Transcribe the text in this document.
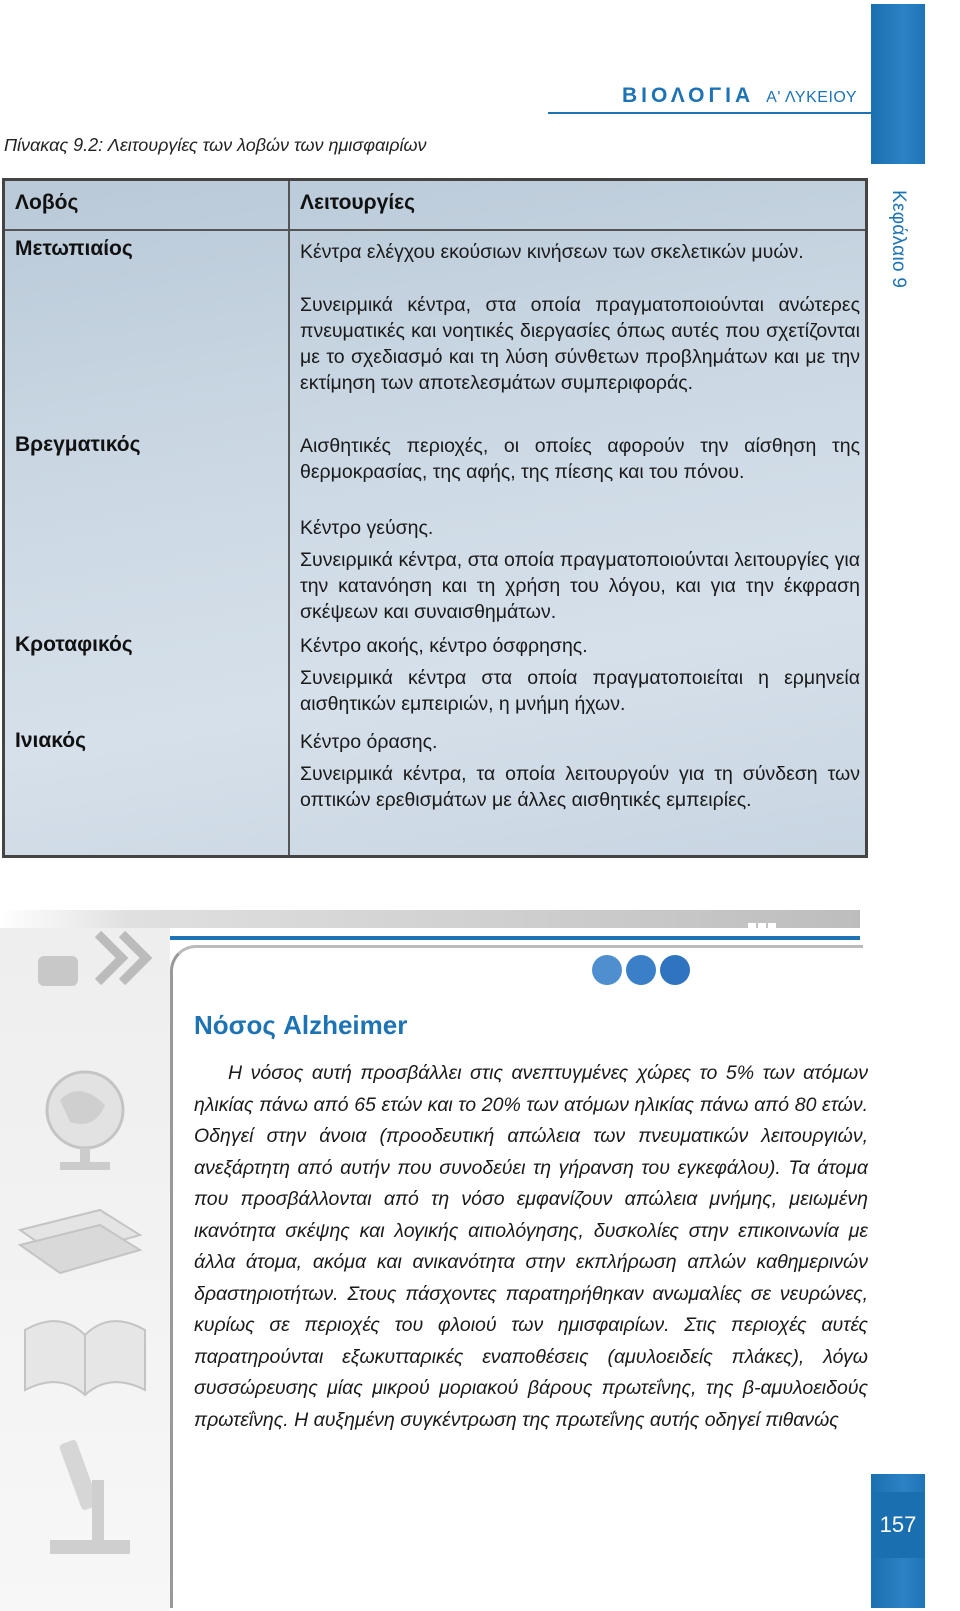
Κεφάλαιο 9
157
ΒΙΟΛΟΓΙΑ Α' ΛΥΚΕΙΟΥ
Πίνακας 9.2: Λειτουργίες των λοβών των ημισφαιρίων
Λοβός	Λειτουργίες
Μετωπιαίος	Κέντρα ελέγχου εκούσιων κινήσεων των σκελετικών μυών.
Συνειρμικά κέντρα, στα οποία πραγματοποιούνται ανώτερες πνευματικές και νοητικές διεργασίες όπως αυτές που σχετίζονται με το σχεδιασμό και τη λύση σύνθετων προβλημάτων και με την εκτίμηση των αποτελεσμάτων συμπεριφοράς.
Βρεγματικός	Αισθητικές περιοχές, οι οποίες αφορούν την αίσθηση της θερμοκρασίας, της αφής, της πίεσης και του πόνου.
Κέντρο γεύσης.
Συνειρμικά κέντρα, στα οποία πραγματοποιούνται λειτουργίες για την κατανόηση και τη χρήση του λόγου, και για την έκφραση σκέψεων και συναισθημάτων.
Κροταφικός	Κέντρο ακοής, κέντρο όσφρησης.
Συνειρμικά κέντρα στα οποία πραγματοποιείται η ερμηνεία αισθητικών εμπειριών, η μνήμη ήχων.
Ινιακός	Κέντρο όρασης.
Συνειρμικά κέντρα, τα οποία λειτουργούν για τη σύνδεση των οπτικών ερεθισμάτων με άλλες αισθητικές εμπειρίες.
Νόσος Alzheimer
Η νόσος αυτή προσβάλλει στις ανεπτυγμένες χώρες το 5% των ατόμων ηλικίας πάνω από 65 ετών και το 20% των ατόμων ηλικίας πάνω από 80 ετών. Οδηγεί στην άνοια (προοδευτική απώλεια των πνευματικών λειτουργιών, ανεξάρτητη από αυτήν που συνοδεύει τη γήρανση του εγκεφάλου). Τα άτομα που προσβάλλονται από τη νόσο εμφανίζουν απώλεια μνήμης, μειωμένη ικανότητα σκέψης και λογικής αιτιολόγησης, δυσκολίες στην επικοινωνία με άλλα άτομα, ακόμα και ανικανότητα στην εκπλήρωση απλών καθημερινών δραστηριοτήτων. Στους πάσχοντες παρατηρήθηκαν ανωμαλίες σε νευρώνες, κυρίως σε περιοχές του φλοιού των ημισφαιρίων. Στις περιοχές αυτές παρατηρούνται εξωκυτταρικές εναποθέσεις (αμυλοειδείς πλάκες), λόγω συσσώρευσης μίας μικρού μοριακού βάρους πρωτεΐνης, της β-αμυλοειδούς πρωτεΐνης. Η αυξημένη συγκέντρωση της πρωτεΐνης αυτής οδηγεί πιθανώς
